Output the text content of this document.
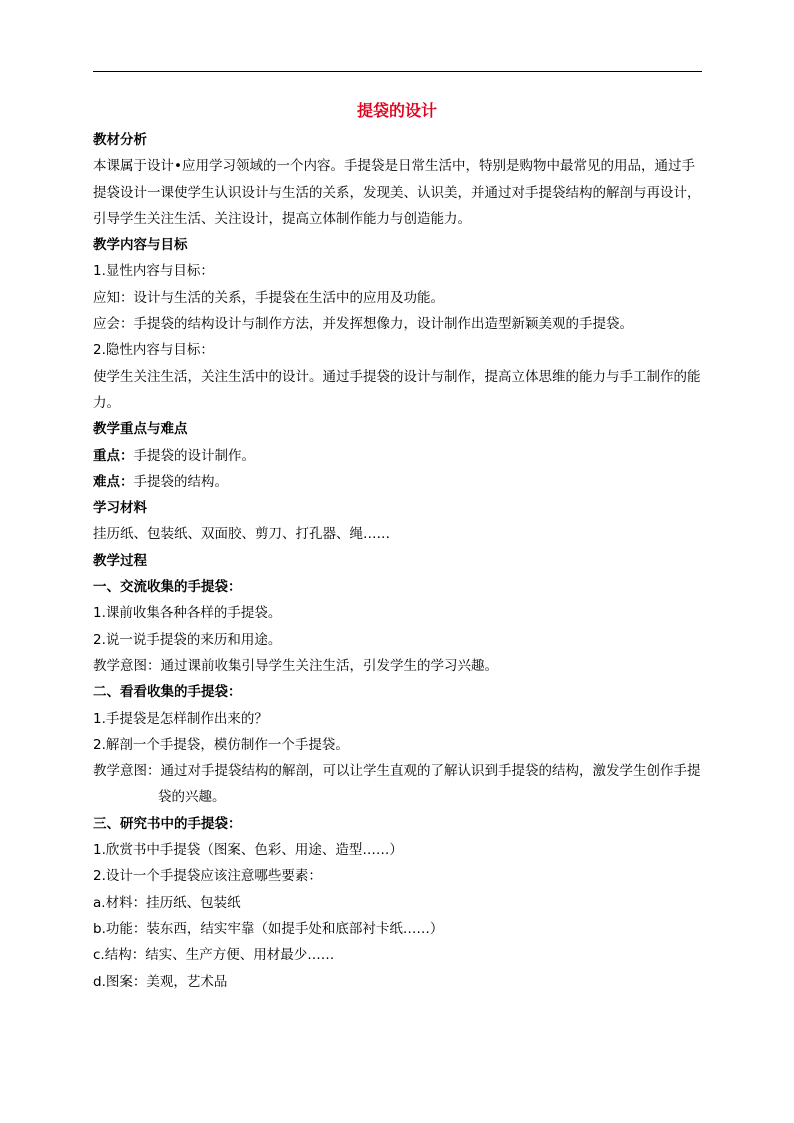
提袋的设计

教材分析

本课属于设计•应用学习领域的一个内容。手提袋是日常生活中，特别是购物中最常见的用品，通过手提袋设计一课使学生认识设计与生活的关系，发现美、认识美，并通过对手提袋结构的解剖与再设计，引导学生关注生活、关注设计，提高立体制作能力与创造能力。

教学内容与目标

1.显性内容与目标：

应知：设计与生活的关系，手提袋在生活中的应用及功能。

应会：手提袋的结构设计与制作方法，并发挥想像力，设计制作出造型新颖美观的手提袋。

2.隐性内容与目标：

使学生关注生活，关注生活中的设计。通过手提袋的设计与制作，提高立体思维的能力与手工制作的能力。

教学重点与难点

重点：手提袋的设计制作。

难点：手提袋的结构。

学习材料

挂历纸、包装纸、双面胶、剪刀、打孔器、绳……

教学过程

一、交流收集的手提袋：

1.课前收集各种各样的手提袋。

2.说一说手提袋的来历和用途。

教学意图：通过课前收集引导学生关注生活，引发学生的学习兴趣。

二、看看收集的手提袋：

1.手提袋是怎样制作出来的？

2.解剖一个手提袋，模仿制作一个手提袋。

教学意图：通过对手提袋结构的解剖，可以让学生直观的了解认识到手提袋的结构，激发学生创作手提袋的兴趣。

三、研究书中的手提袋：

1.欣赏书中手提袋（图案、色彩、用途、造型……）

2.设计一个手提袋应该注意哪些要素：

a.材料：挂历纸、包装纸

b.功能：装东西，结实牢靠（如提手处和底部衬卡纸……）

c.结构：结实、生产方便、用材最少……

d.图案：美观，艺术品
